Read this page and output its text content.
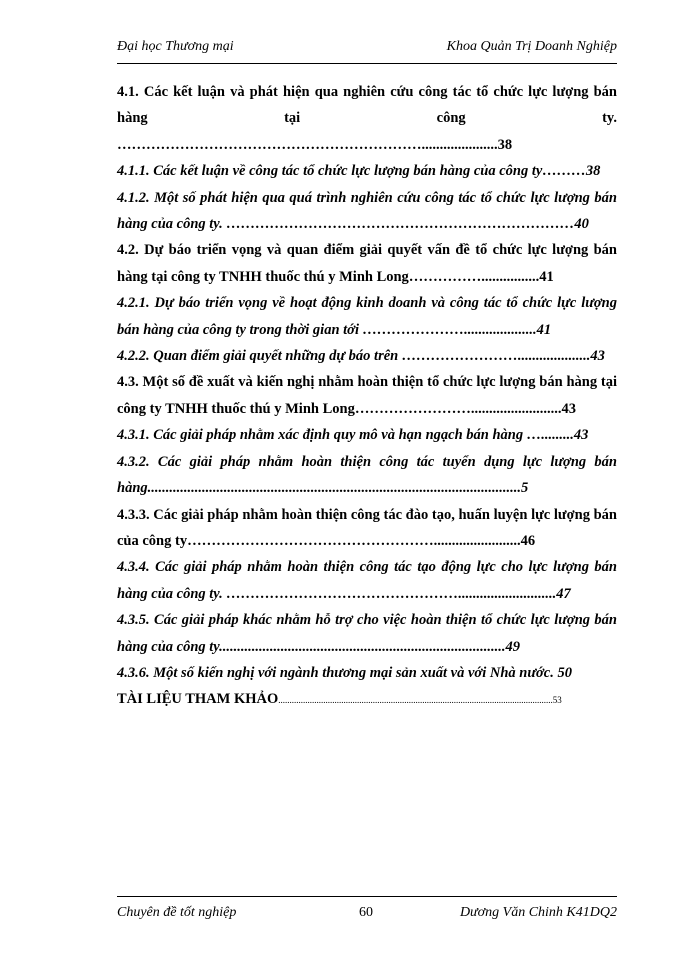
Đại học Thương mại	Khoa Quản Trị Doanh Nghiệp
4.1. Các kết luận và phát hiện qua nghiên cứu công tác tổ chức lực lượng bán hàng tại công ty. ……………………………………………………….....................38
4.1.1. Các kết luận về công tác tổ chức lực lượng bán hàng của công ty………38
4.1.2. Một số phát hiện qua quá trình nghiên cứu công tác tổ chức lực lượng bán hàng của công ty. ………………………………………………………………40
4.2. Dự báo triển vọng và quan điểm giải quyết vấn đề tổ chức lực lượng bán hàng tại công ty TNHH thuốc thú y Minh Long……………................41
4.2.1. Dự báo triển vọng về hoạt động kinh doanh và công tác tổ chức lực lượng bán hàng của công ty trong thời gian tới …………………....................41
4.2.2. Quan điểm giải quyết những dự báo trên ……………………....................43
4.3. Một số đề xuất và kiến nghị nhằm hoàn thiện tổ chức lực lượng bán hàng tại công ty TNHH thuốc thú y Minh Long…………………….........................43
4.3.1. Các giải pháp nhằm xác định quy mô và hạn ngạch bán hàng ….........43
4.3.2. Các giải pháp nhằm hoàn thiện công tác tuyển dụng lực lượng bán hàng.......................................................................................................5
4.3.3. Các giải pháp nhằm hoàn thiện công tác đào tạo, huấn luyện lực lượng bán của công ty……………………………………………........................46
4.3.4. Các giải pháp nhằm hoàn thiện công tác tạo động lực cho lực lượng bán hàng của công ty. …………………………………………...........................47
4.3.5. Các giải pháp khác nhằm hỗ trợ cho việc hoàn thiện tổ chức lực lượng bán hàng của công ty...............................................................................49
4.3.6. Một số kiến nghị với ngành thương mại sản xuất và với Nhà nước. 50
TÀI LIỆU THAM KHẢO..........................................................................................................................53
Chuyên đề tốt nghiệp	60	Dương Văn Chinh K41DQ2
